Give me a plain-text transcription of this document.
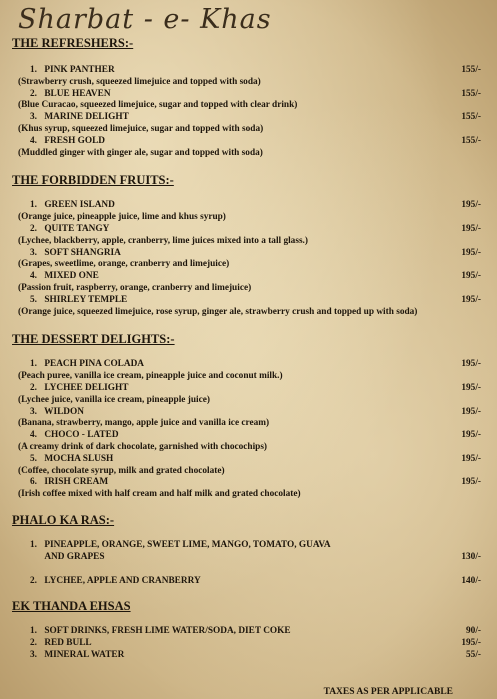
Sharbat - e- Khas
THE REFRESHERS:-
1. PINK PANTHER	155/-
(Strawberry crush, squeezed limejuice and topped with soda)
2. BLUE HEAVEN	155/-
(Blue Curacao, squeezed limejuice, sugar and topped with clear drink)
3. MARINE DELIGHT	155/-
(Khus syrup, squeezed limejuice, sugar and topped with soda)
4. FRESH GOLD	155/-
(Muddled ginger with ginger ale, sugar and topped with soda)
THE FORBIDDEN FRUITS:-
1. GREEN ISLAND	195/-
(Orange juice, pineapple juice, lime and khus syrup)
2. QUITE TANGY	195/-
(Lychee, blackberry, apple, cranberry, lime juices mixed into a tall glass.)
3. SOFT SHANGRIA	195/-
(Grapes, sweetlime, orange, cranberry and limejuice)
4. MIXED ONE	195/-
(Passion fruit, raspberry, orange, cranberry and limejuice)
5. SHIRLEY TEMPLE	195/-
(Orange juice, squeezed limejuice, rose syrup, ginger ale, strawberry crush and topped up with soda)
THE DESSERT DELIGHTS:-
1. PEACH PINA COLADA	195/-
(Peach puree, vanilla ice cream, pineapple juice and coconut milk.)
2. LYCHEE DELIGHT	195/-
(Lychee juice, vanilla ice cream, pineapple juice)
3. WILDON	195/-
(Banana, strawberry, mango, apple juice and vanilla ice cream)
4. CHOCO - LATED	195/-
(A creamy drink of dark chocolate, garnished with chocochips)
5. MOCHA SLUSH	195/-
(Coffee, chocolate syrup, milk and grated chocolate)
6. IRISH CREAM	195/-
(Irish coffee mixed with half cream and half milk and grated chocolate)
PHALO KA RAS:-
1.
PINEAPPLE, ORANGE, SWEET LIME, MANGO, TOMATO, GUAVA AND GRAPES	130/-
2. LYCHEE, APPLE AND CRANBERRY	140/-
EK THANDA EHSAS
1. SOFT DRINKS, FRESH LIME WATER/SODA, DIET COKE	90/-
2. RED BULL	195/-
3. MINERAL WATER	55/-
TAXES AS PER APPLICABLE
